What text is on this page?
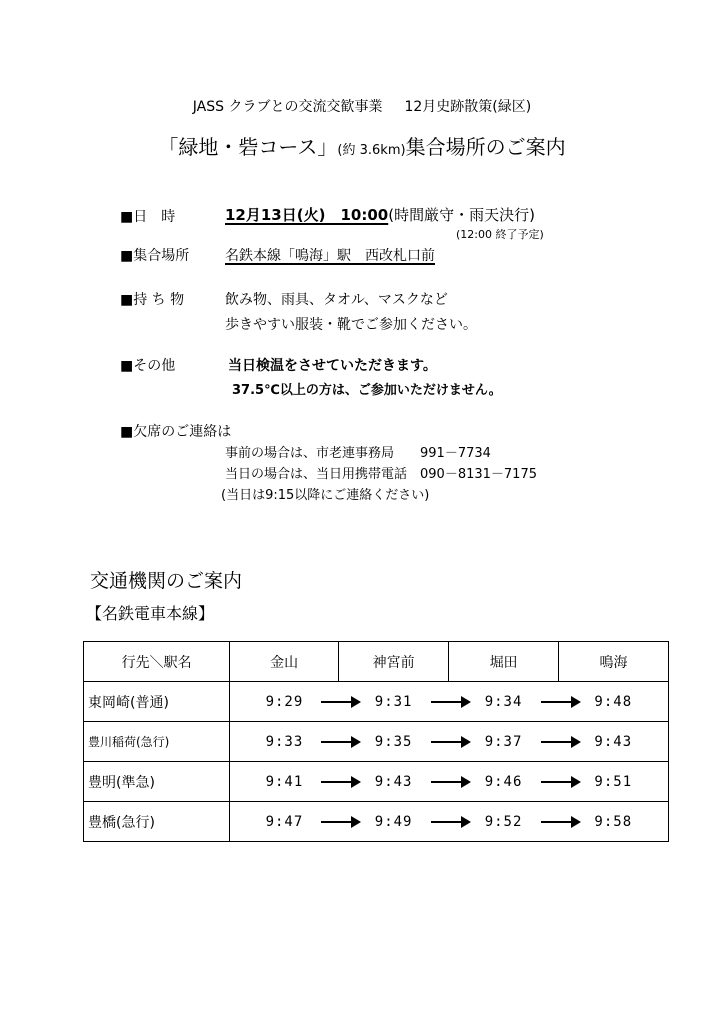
JASS クラブとの交流交歓事業 12月史跡散策(緑区)
「緑地・砦コース」(約 3.6km)集合場所のご案内
■日　時	12月13日(火)　10:00(時間厳守・雨天決行)
(12:00 終了予定)
■集合場所	名鉄本線「鳴海」駅　西改札口前
■持 ち 物	飲み物、雨具、タオル、マスクなど
歩きやすい服装・靴でご参加ください。
■その他	当日検温をさせていただきます。
37.5℃以上の方は、ご参加いただけません。
■欠席のご連絡は
事前の場合は、市老連事務局　　991－7734
当日の場合は、当日用携帯電話　090－8131－7175
(当日は9:15以降にご連絡ください)
交通機関のご案内
【名鉄電車本線】
行先＼駅名	金山	神宮前	堀田	鳴海
東岡崎(普通)	9:29	9:31	9:34	9:48
豊川稲荷(急行)	9:33	9:35	9:37	9:43
豊明(準急)	9:41	9:43	9:46	9:51
豊橋(急行)	9:47	9:49	9:52	9:58
